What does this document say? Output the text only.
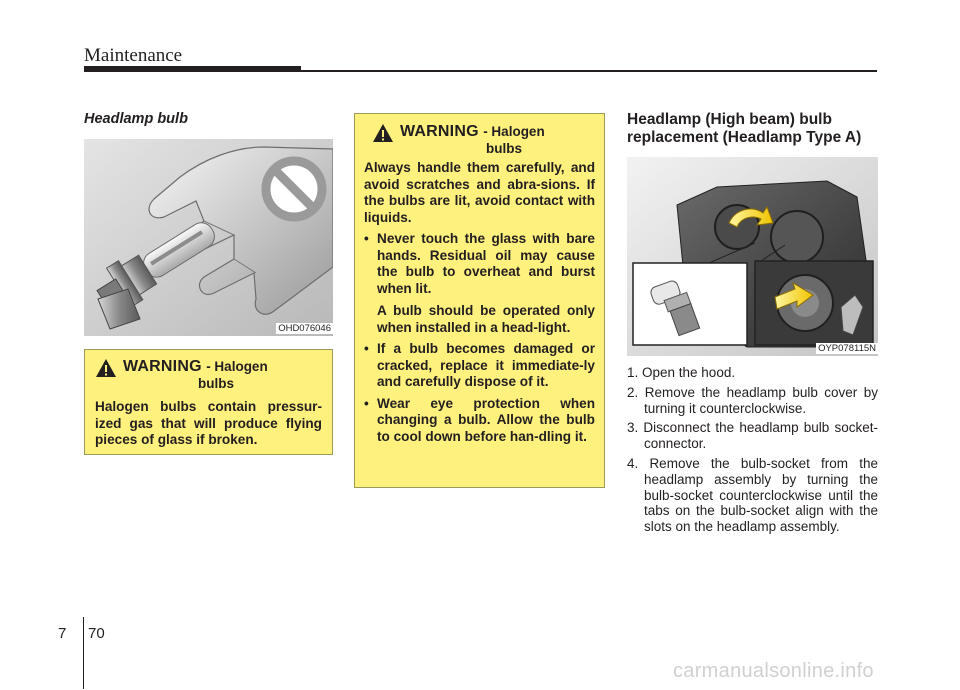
Maintenance
Headlamp bulb
OHD076046
WARNING - Halogen
bulbs
Halogen bulbs contain pressur-ized gas that will produce flying pieces of glass if broken.
WARNING - Halogen
bulbs
Always handle them carefully, and avoid scratches and abra-sions. If the bulbs are lit, avoid contact with liquids.
• Never touch the glass with bare hands. Residual oil may cause the bulb to overheat and burst when lit.

A bulb should be operated only when installed in a head-light.

• If a bulb becomes damaged or cracked, replace it immediate-ly and carefully dispose of it.
• Wear eye protection when changing a bulb. Allow the bulb to cool down before han-dling it.
Headlamp (High beam) bulb replacement (Headlamp Type A)
OYP078115N
1. Open the hood.
2. Remove the headlamp bulb cover by turning it counterclockwise.
3. Disconnect the headlamp bulb socket-connector.
4. Remove the bulb-socket from the headlamp assembly by turning the bulb-socket counterclockwise until the tabs on the bulb-socket align with the slots on the headlamp assembly.
7 70
carmanualsonline.info
